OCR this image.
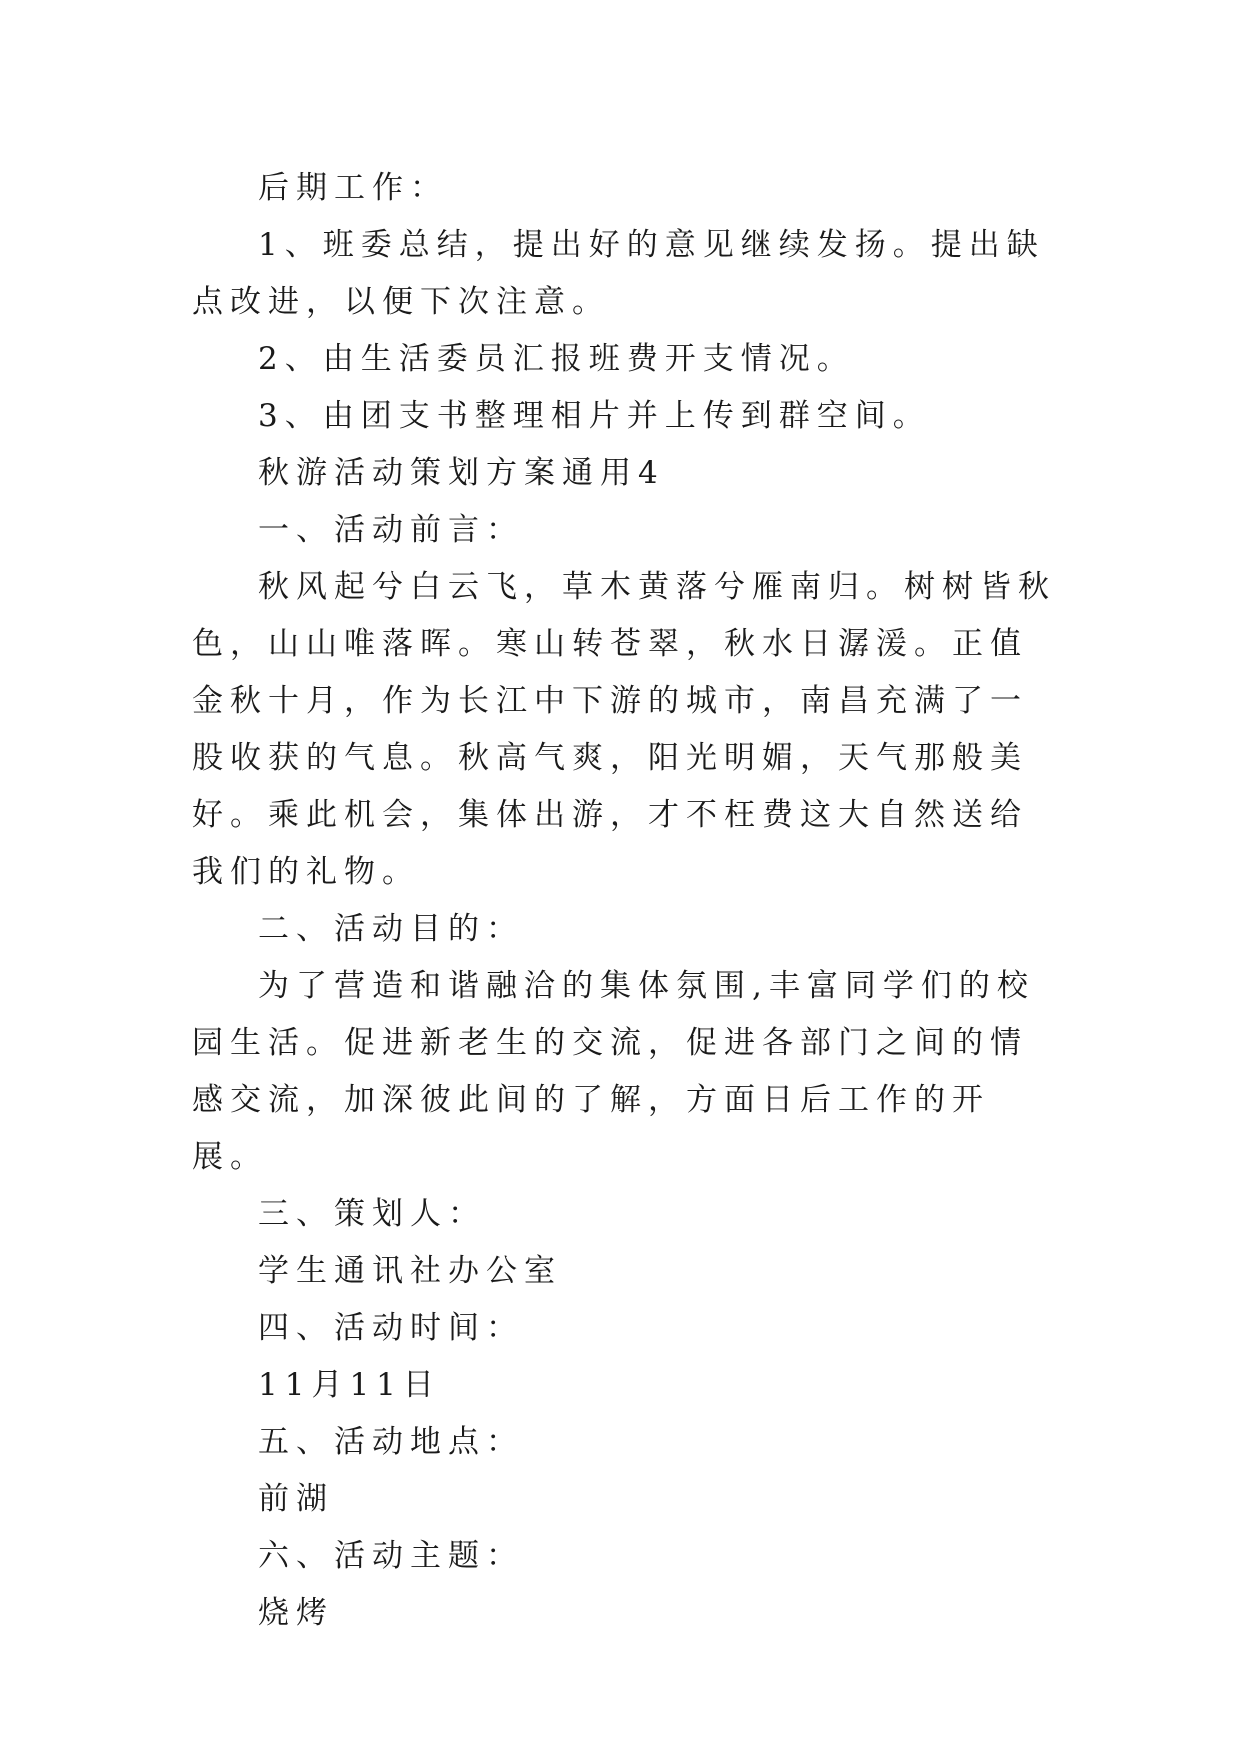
后期工作：

1、班委总结，提出好的意见继续发扬。提出缺点改进，以便下次注意。

2、由生活委员汇报班费开支情况。

3、由团支书整理相片并上传到群空间。

秋游活动策划方案通用4

一、活动前言：

秋风起兮白云飞，草木黄落兮雁南归。树树皆秋色，山山唯落晖。寒山转苍翠，秋水日潺湲。正值金秋十月，作为长江中下游的城市，南昌充满了一股收获的气息。秋高气爽，阳光明媚，天气那般美好。乘此机会，集体出游，才不枉费这大自然送给我们的礼物。

二、活动目的：

为了营造和谐融洽的集体氛围,丰富同学们的校园生活。促进新老生的交流，促进各部门之间的情感交流，加深彼此间的了解，方面日后工作的开展。

三、策划人：

学生通讯社办公室

四、活动时间：

11月11日

五、活动地点：

前湖

六、活动主题：

烧烤
